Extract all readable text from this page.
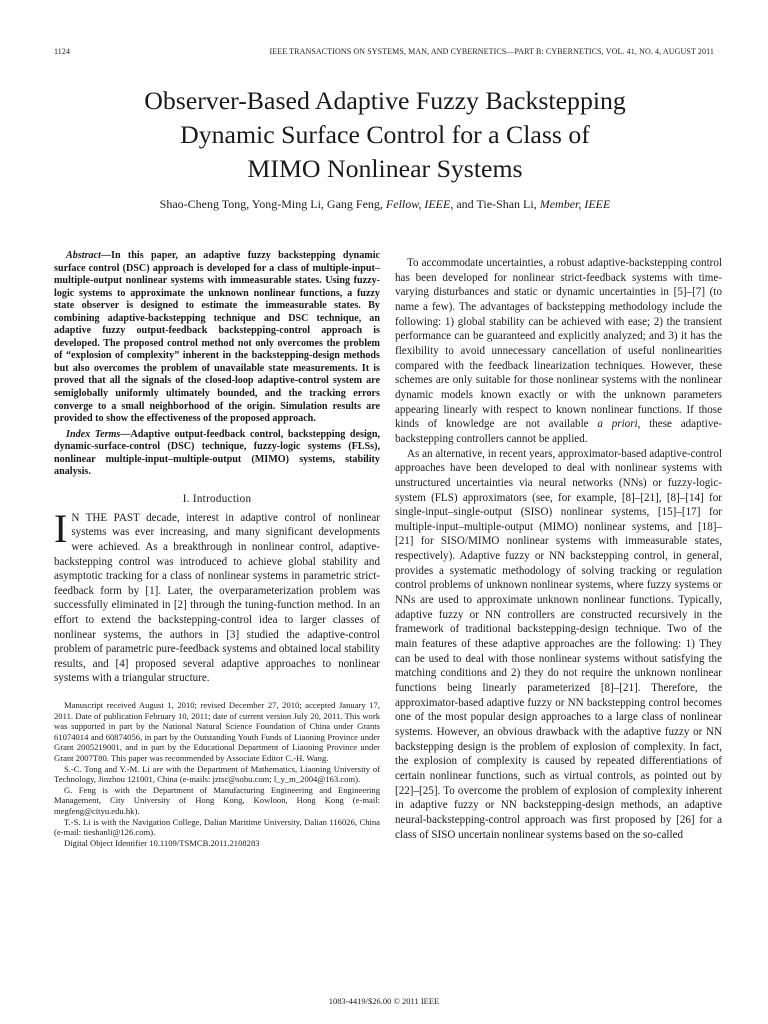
1124	IEEE TRANSACTIONS ON SYSTEMS, MAN, AND CYBERNETICS—PART B: CYBERNETICS, VOL. 41, NO. 4, AUGUST 2011
Observer-Based Adaptive Fuzzy Backstepping
Dynamic Surface Control for a Class of
MIMO Nonlinear Systems
Shao-Cheng Tong, Yong-Ming Li, Gang Feng, Fellow, IEEE, and Tie-Shan Li, Member, IEEE

Abstract—In this paper, an adaptive fuzzy backstepping dynamic surface control (DSC) approach is developed for a class of multiple-input–multiple-output nonlinear systems with immeasurable states. Using fuzzy-logic systems to approximate the unknown nonlinear functions, a fuzzy state observer is designed to estimate the immeasurable states. By combining adaptive-backstepping technique and DSC technique, an adaptive fuzzy output-feedback backstepping-control approach is developed. The proposed control method not only overcomes the problem of “explosion of complexity” inherent in the backstepping-design methods but also overcomes the problem of unavailable state measurements. It is proved that all the signals of the closed-loop adaptive-control system are semiglobally uniformly ultimately bounded, and the tracking errors converge to a small neighborhood of the origin. Simulation results are provided to show the effectiveness of the proposed approach.

Index Terms—Adaptive output-feedback control, backstepping design, dynamic-surface-control (DSC) technique, fuzzy-logic systems (FLSs), nonlinear multiple-input–multiple-output (MIMO) systems, stability analysis.

I. Introduction

I N THE PAST decade, interest in adaptive control of nonlinear systems was ever increasing, and many significant developments were achieved. As a breakthrough in nonlinear control, adaptive-backstepping control was introduced to achieve global stability and asymptotic tracking for a class of nonlinear systems in parametric strict-feedback form by [1]. Later, the overparameterization problem was successfully eliminated in [2] through the tuning-function method. In an effort to extend the backstepping-control idea to larger classes of nonlinear systems, the authors in [3] studied the adaptive-control problem of parametric pure-feedback systems and obtained local stability results, and [4] proposed several adaptive approaches to nonlinear systems with a triangular structure.

Manuscript received August 1, 2010; revised December 27, 2010; accepted January 17, 2011. Date of publication February 10, 2011; date of current version July 20, 2011. This work was supported in part by the National Natural Science Foundation of China under Grants 61074014 and 60874056, in part by the Outstanding Youth Funds of Liaoning Province under Grant 2005219001, and in part by the Educational Department of Liaoning Province under Grant 2007T80. This paper was recommended by Associate Editor C.-H. Wang.

S.-C. Tong and Y.-M. Li are with the Department of Mathematics, Liaoning University of Technology, Jinzhou 121001, China (e-mails: jztsc@sohu.com; l_y_m_2004@163.com).

G. Feng is with the Department of Manufacturing Engineering and Engineering Management, City University of Hong Kong, Kowloon, Hong Kong (e-mail: megfeng@cityu.edu.hk).

T.-S. Li is with the Navigation College, Dalian Maritime University, Dalian 116026, China (e-mail: tieshanli@126.com).

Digital Object Identifier 10.1109/TSMCB.2011.2108283

To accommodate uncertainties, a robust adaptive-backstepping control has been developed for nonlinear strict-feedback systems with time-varying disturbances and static or dynamic uncertainties in [5]–[7] (to name a few). The advantages of backstepping methodology include the following: 1) global stability can be achieved with ease; 2) the transient performance can be guaranteed and explicitly analyzed; and 3) it has the flexibility to avoid unnecessary cancellation of useful nonlinearities compared with the feedback linearization techniques. However, these schemes are only suitable for those nonlinear systems with the nonlinear dynamic models known exactly or with the unknown parameters appearing linearly with respect to known nonlinear functions. If those kinds of knowledge are not available a priori, these adaptive-backstepping controllers cannot be applied.

As an alternative, in recent years, approximator-based adaptive-control approaches have been developed to deal with nonlinear systems with unstructured uncertainties via neural networks (NNs) or fuzzy-logic-system (FLS) approximators (see, for example, [8]–[21], [8]–[14] for single-input–single-output (SISO) nonlinear systems, [15]–[17] for multiple-input–multiple-output (MIMO) nonlinear systems, and [18]–[21] for SISO/MIMO nonlinear systems with immeasurable states, respectively). Adaptive fuzzy or NN backstepping control, in general, provides a systematic methodology of solving tracking or regulation control problems of unknown nonlinear systems, where fuzzy systems or NNs are used to approximate unknown nonlinear functions. Typically, adaptive fuzzy or NN controllers are constructed recursively in the framework of traditional backstepping-design technique. Two of the main features of these adaptive approaches are the following: 1) They can be used to deal with those nonlinear systems without satisfying the matching conditions and 2) they do not require the unknown nonlinear functions being linearly parameterized [8]–[21]. Therefore, the approximator-based adaptive fuzzy or NN backstepping control becomes one of the most popular design approaches to a large class of nonlinear systems. However, an obvious drawback with the adaptive fuzzy or NN backstepping design is the problem of explosion of complexity. In fact, the explosion of complexity is caused by repeated differentiations of certain nonlinear functions, such as virtual controls, as pointed out by [22]–[25]. To overcome the problem of explosion of complexity inherent in adaptive fuzzy or NN backstepping-design methods, an adaptive neural-backstepping-control approach was first proposed by [26] for a class of SISO uncertain nonlinear systems based on the so-called

1083-4419/$26.00 © 2011 IEEE
